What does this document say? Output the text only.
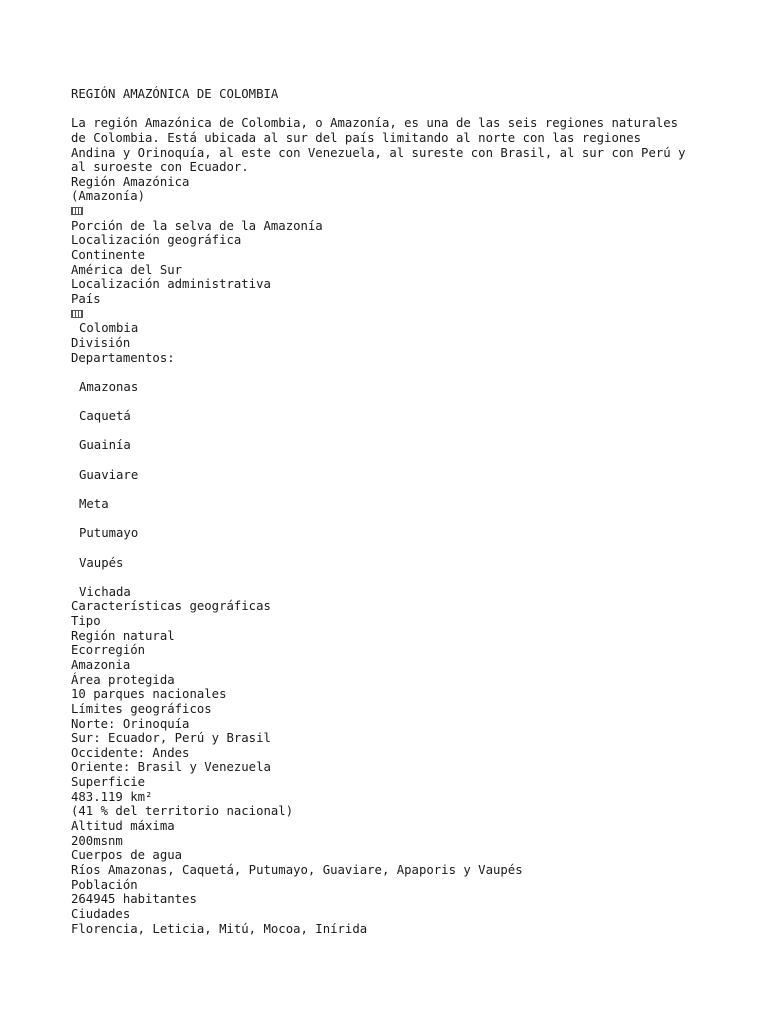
REGIÓN AMAZÓNICA DE COLOMBIA
La región Amazónica de Colombia, o Amazonía, es una de las seis regiones naturales
de Colombia. Está ubicada al sur del país limitando al norte con las regiones
Andina y Orinoquía, al este con Venezuela, al sureste con Brasil, al sur con Perú y
al suroeste con Ecuador.
Región Amazónica
(Amazonía)
Porción de la selva de la Amazonía
Localización geográfica
Continente
América del Sur
Localización administrativa
País
Colombia
División
Departamentos:
Amazonas
Caquetá
Guainía
Guaviare
Meta
Putumayo
Vaupés
Vichada
Características geográficas
Tipo
Región natural
Ecorregión
Amazonia
Área protegida
10 parques nacionales
Límites geográficos
Norte: Orinoquía
Sur: Ecuador, Perú y Brasil
Occidente: Andes
Oriente: Brasil y Venezuela
Superficie
483.119 km²
(41 % del territorio nacional)
Altitud máxima
200msnm
Cuerpos de agua
Ríos Amazonas, Caquetá, Putumayo, Guaviare, Apaporis y Vaupés
Población
264945 habitantes
Ciudades
Florencia, Leticia, Mitú, Mocoa, Inírida
